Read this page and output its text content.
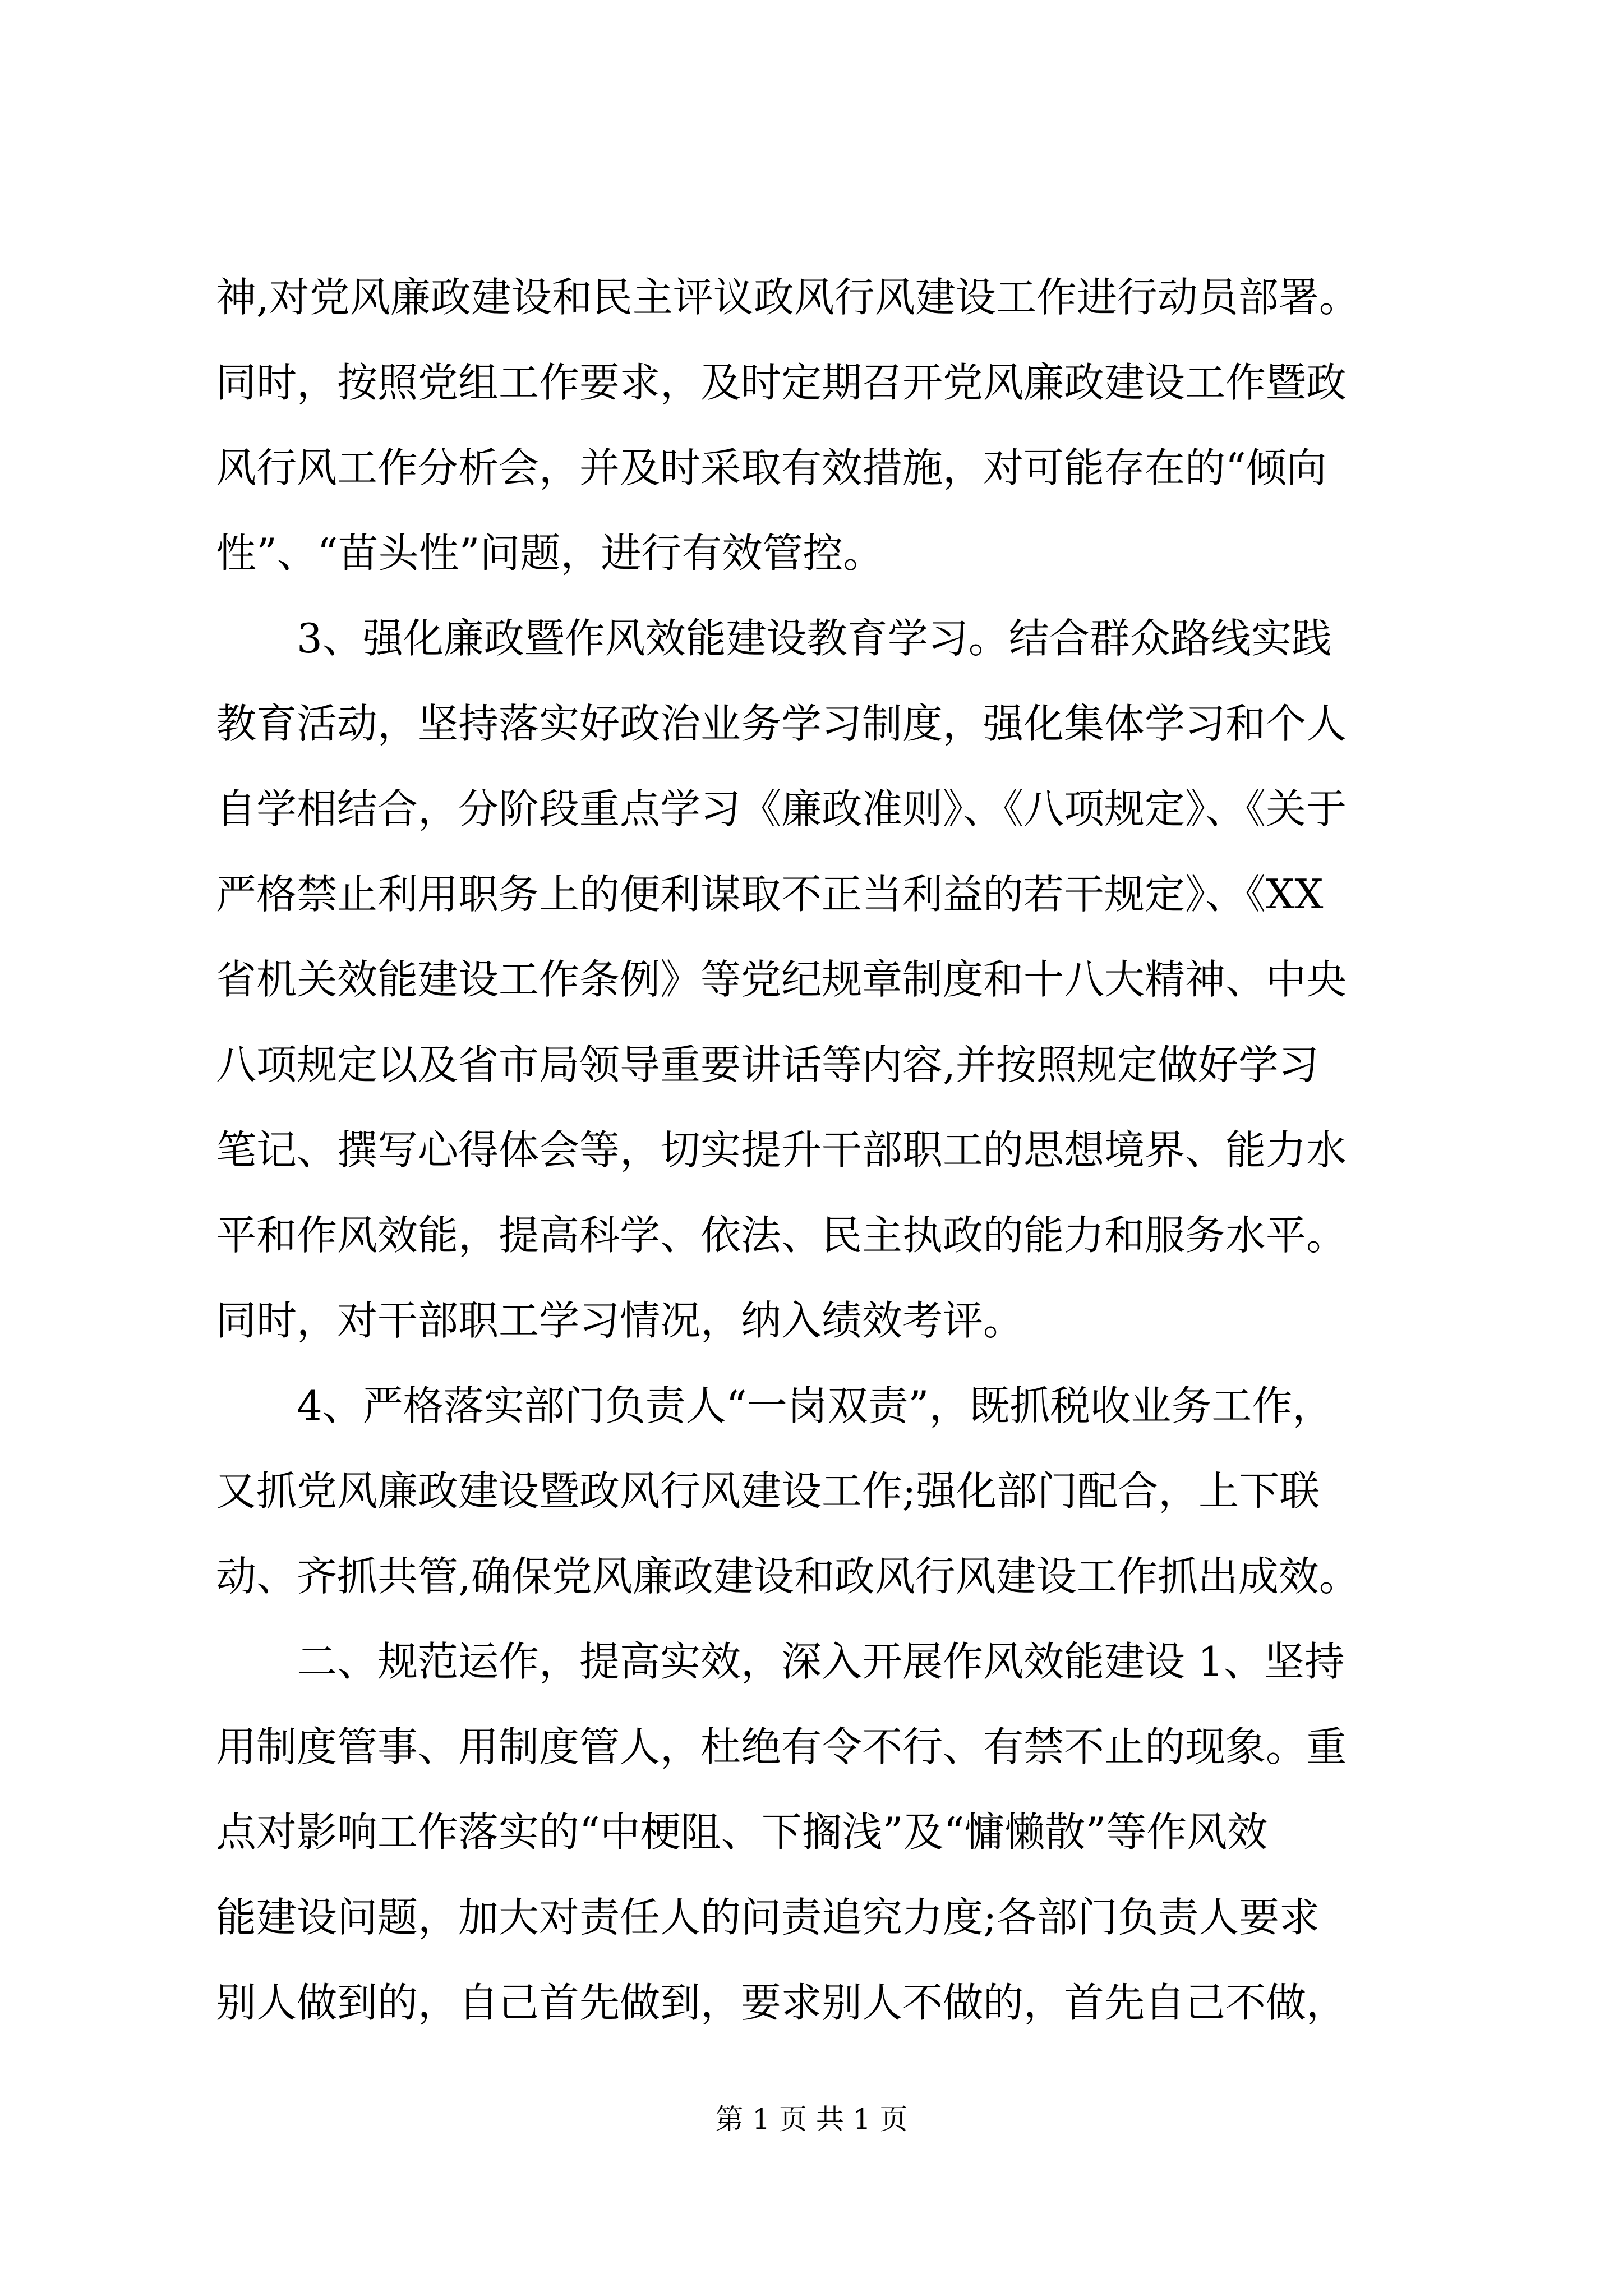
神,对党风廉政建设和民主评议政风行风建设工作进行动员部署。
同时，按照党组工作要求，及时定期召开党风廉政建设工作暨政
风行风工作分析会，并及时采取有效措施，对可能存在的“倾向
性”、“苗头性”问题，进行有效管控。
　　3、强化廉政暨作风效能建设教育学习。结合群众路线实践
教育活动，坚持落实好政治业务学习制度，强化集体学习和个人
自学相结合，分阶段重点学习《廉政准则》、《八项规定》、《关于
严格禁止利用职务上的便利谋取不正当利益的若干规定》、《XX
省机关效能建设工作条例》等党纪规章制度和十八大精神、中央
八项规定以及省市局领导重要讲话等内容,并按照规定做好学习
笔记、撰写心得体会等，切实提升干部职工的思想境界、能力水
平和作风效能，提高科学、依法、民主执政的能力和服务水平。
同时，对干部职工学习情况，纳入绩效考评。
　　4、严格落实部门负责人“一岗双责”，既抓税收业务工作，
又抓党风廉政建设暨政风行风建设工作;强化部门配合，上下联
动、齐抓共管,确保党风廉政建设和政风行风建设工作抓出成效。
　　二、规范运作，提高实效，深入开展作风效能建设 1、坚持
用制度管事、用制度管人，杜绝有令不行、有禁不止的现象。重
点对影响工作落实的“中梗阻、下搁浅”及“慵懒散”等作风效
能建设问题，加大对责任人的问责追究力度;各部门负责人要求
别人做到的，自己首先做到，要求别人不做的，首先自己不做，
第 1 页 共 1 页
